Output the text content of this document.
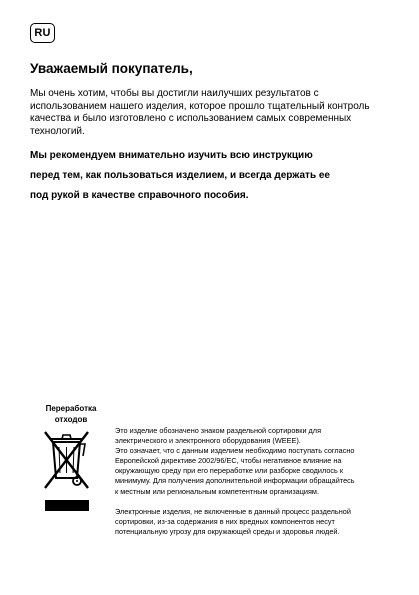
RU
Уважаемый покупатель,
Мы очень хотим, чтобы вы достигли наилучших результатов с
использованием нашего изделия, которое прошло тщательный контроль
качества и было изготовлено с использованием самых современных
технологий.
Мы рекомендуем внимательно изучить всю инструкцию
перед тем, как пользоваться изделием, и всегда держать ее
под рукой в качестве справочного пособия.
Переработка
отходов
Это изделие обозначено знаком раздельной сортировки для
электрического и электронного оборудования (WEEE).
Это означает, что с данным изделием необходимо поступать согласно
Европейской директиве 2002/96/EC, чтобы негативное влияние на
окружающую среду при его переработке или разборке сводилось к
минимуму. Для получения дополнительной информации обращайтесь
к местным или региональным компетентным организациям.
Электронные изделия, не включенные в данный процесс раздельной
сортировки, из-за содержания в них вредных компонентов несут
потенциальную угрозу для окружающей среды и здоровья людей.
